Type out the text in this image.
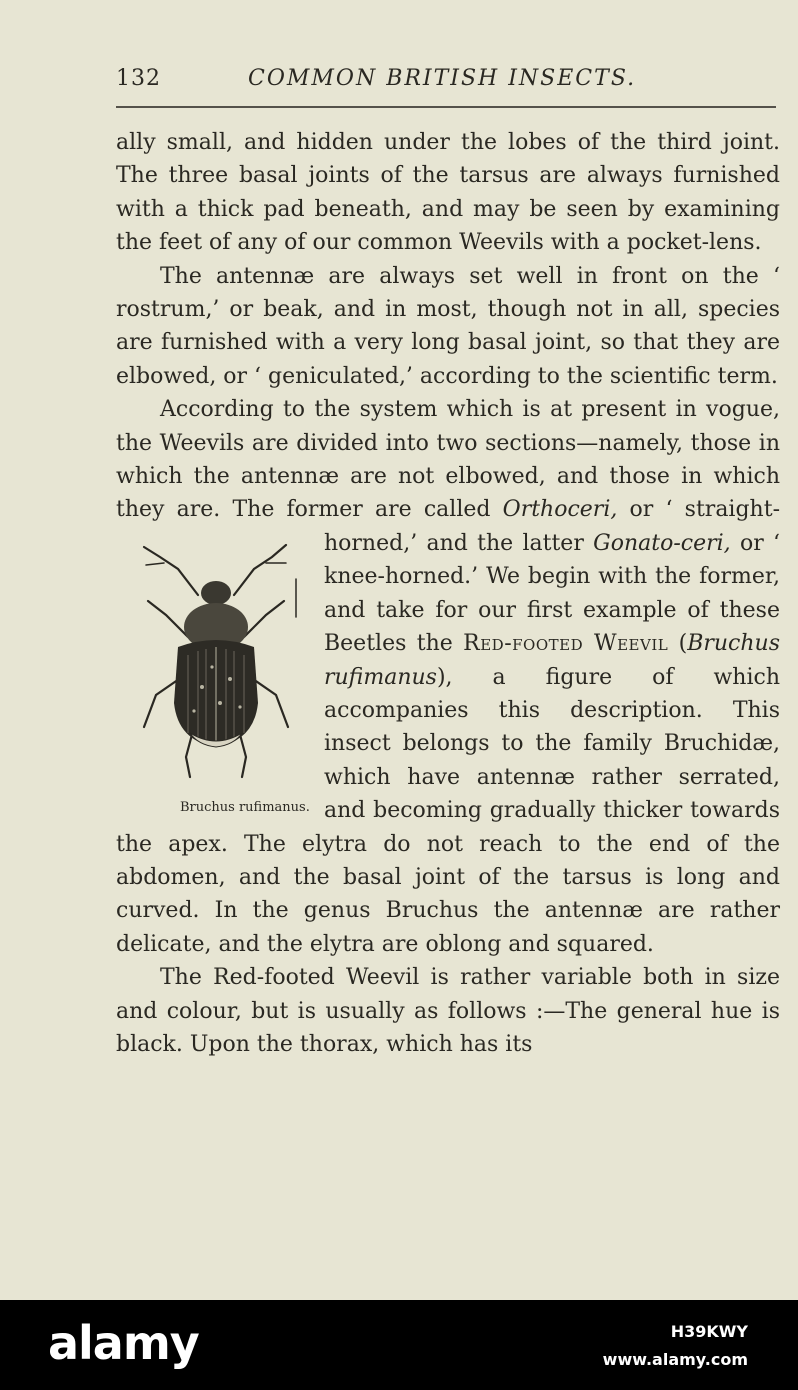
132	COMMON BRITISH INSECTS.

ally small, and hidden under the lobes of the third joint. The three basal joints of the tarsus are always furnished with a thick pad beneath, and may be seen by examining the feet of any of our common Weevils with a pocket-lens.

The antennæ are always set well in front on the ‘ rostrum,’ or beak, and in most, though not in all, species are furnished with a very long basal joint, so that they are elbowed, or ‘ geniculated,’ according to the scientific term.

According to the system which is at present in vogue, the Weevils are divided into two sections—namely, those in which the antennæ are not elbowed, and those in which they are. The former are called Orthoceri, or ‘ straight-horned,’ and the latter Gonato-ceri,
Bruchus rufimanus.
or ‘ knee-horned.’ We begin with the former, and take for our first example of these Beetles the Red-footed Weevil (Bruchus rufimanus), a figure of which accompanies this description. This insect belongs to the family Bruchidæ, which have antennæ rather serrated, and becoming gradually thicker towards the apex. The elytra do not reach to the end of the abdomen, and the basal joint of the tarsus is long and curved. In the genus Bruchus the antennæ are rather delicate, and the elytra are oblong and squared.

The Red-footed Weevil is rather variable both in size and colour, but is usually as follows :—The general hue is black. Upon the thorax, which has its

alamy	H39KWY
www.alamy.com
